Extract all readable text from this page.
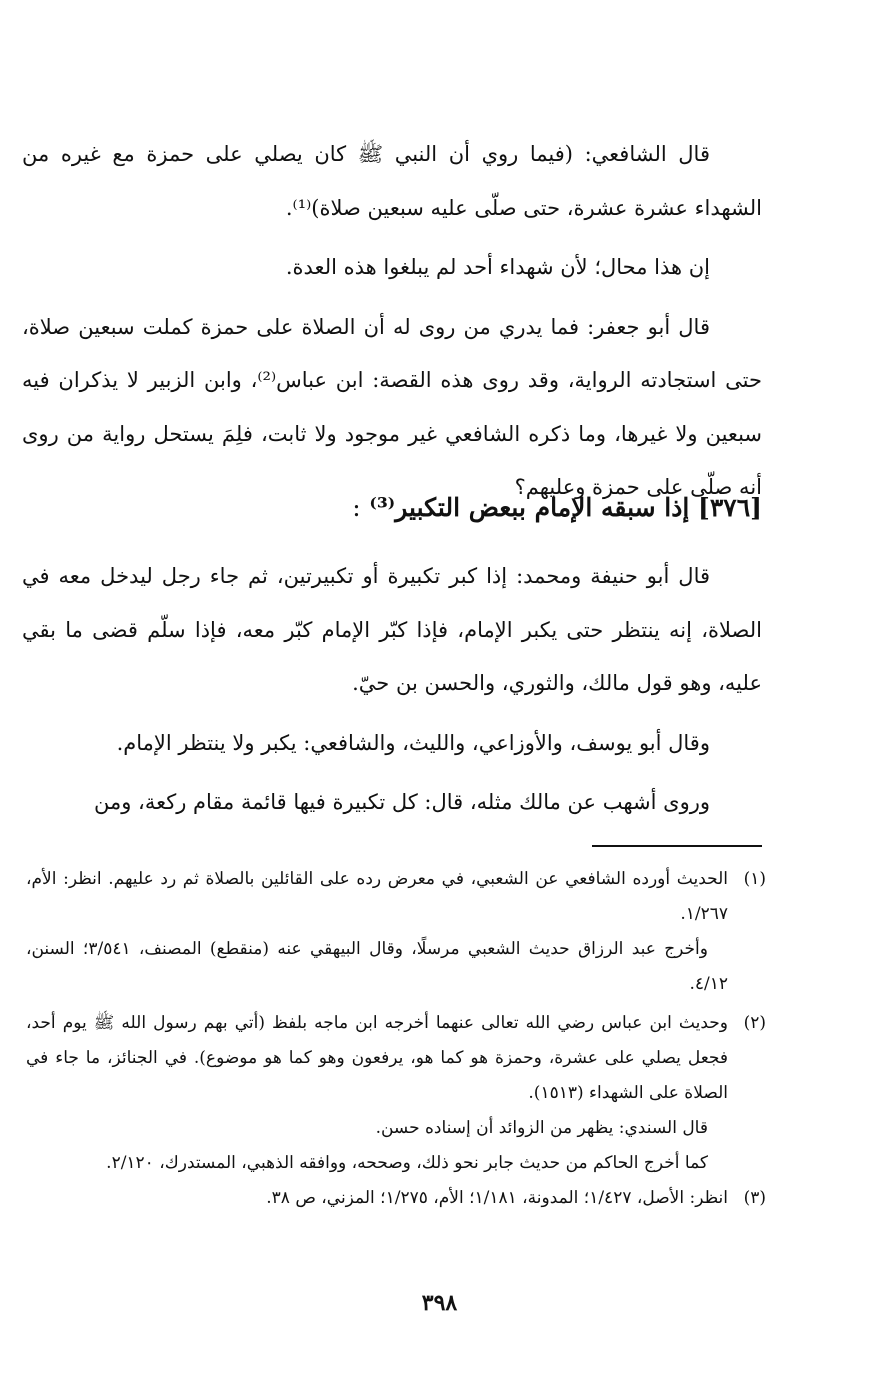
قال الشافعي: (فيما روي أن النبي ﷺ كان يصلي على حمزة مع غيره من الشهداء عشرة عشرة، حتى صلّى عليه سبعين صلاة)⁽¹⁾.

إن هذا محال؛ لأن شهداء أحد لم يبلغوا هذه العدة.

قال أبو جعفر: فما يدري من روى له أن الصلاة على حمزة كملت سبعين صلاة، حتى استجادته الرواية، وقد روى هذه القصة: ابن عباس⁽²⁾، وابن الزبير لا يذكران فيه سبعين ولا غيرها، وما ذكره الشافعي غير موجود ولا ثابت، فلِمَ يستحل رواية من روى أنه صلّى على حمزة وعليهم؟

[٣٧٦] إذا سبقه الإمام ببعض التكبير⁽³⁾ :

قال أبو حنيفة ومحمد: إذا كبر تكبيرة أو تكبيرتين، ثم جاء رجل ليدخل معه في الصلاة، إنه ينتظر حتى يكبر الإمام، فإذا كبّر الإمام كبّر معه، فإذا سلّم قضى ما بقي عليه، وهو قول مالك، والثوري، والحسن بن حيّ.

وقال أبو يوسف، والأوزاعي، والليث، والشافعي: يكبر ولا ينتظر الإمام.

وروى أشهب عن مالك مثله، قال: كل تكبيرة فيها قائمة مقام ركعة، ومن

(١)
الحديث أورده الشافعي عن الشعبي، في معرض رده على القائلين بالصلاة ثم رد عليهم. انظر: الأم، ١/٢٦٧.

وأخرج عبد الرزاق حديث الشعبي مرسلًا، وقال البيهقي عنه (منقطع) المصنف، ٣/٥٤١؛ السنن، ٤/١٢.

(٢)
وحديث ابن عباس رضي الله تعالى عنهما أخرجه ابن ماجه بلفظ (أتي بهم رسول الله ﷺ يوم أحد، فجعل يصلي على عشرة، وحمزة هو كما هو، يرفعون وهو كما هو موضوع). في الجنائز، ما جاء في الصلاة على الشهداء (١٥١٣).

قال السندي: يظهر من الزوائد أن إسناده حسن.

كما أخرج الحاكم من حديث جابر نحو ذلك، وصححه، ووافقه الذهبي، المستدرك، ٢/١٢٠.

(٣)
انظر: الأصل، ١/٤٢٧؛ المدونة، ١/١٨١؛ الأم، ١/٢٧٥؛ المزني، ص ٣٨.
٣٩٨
